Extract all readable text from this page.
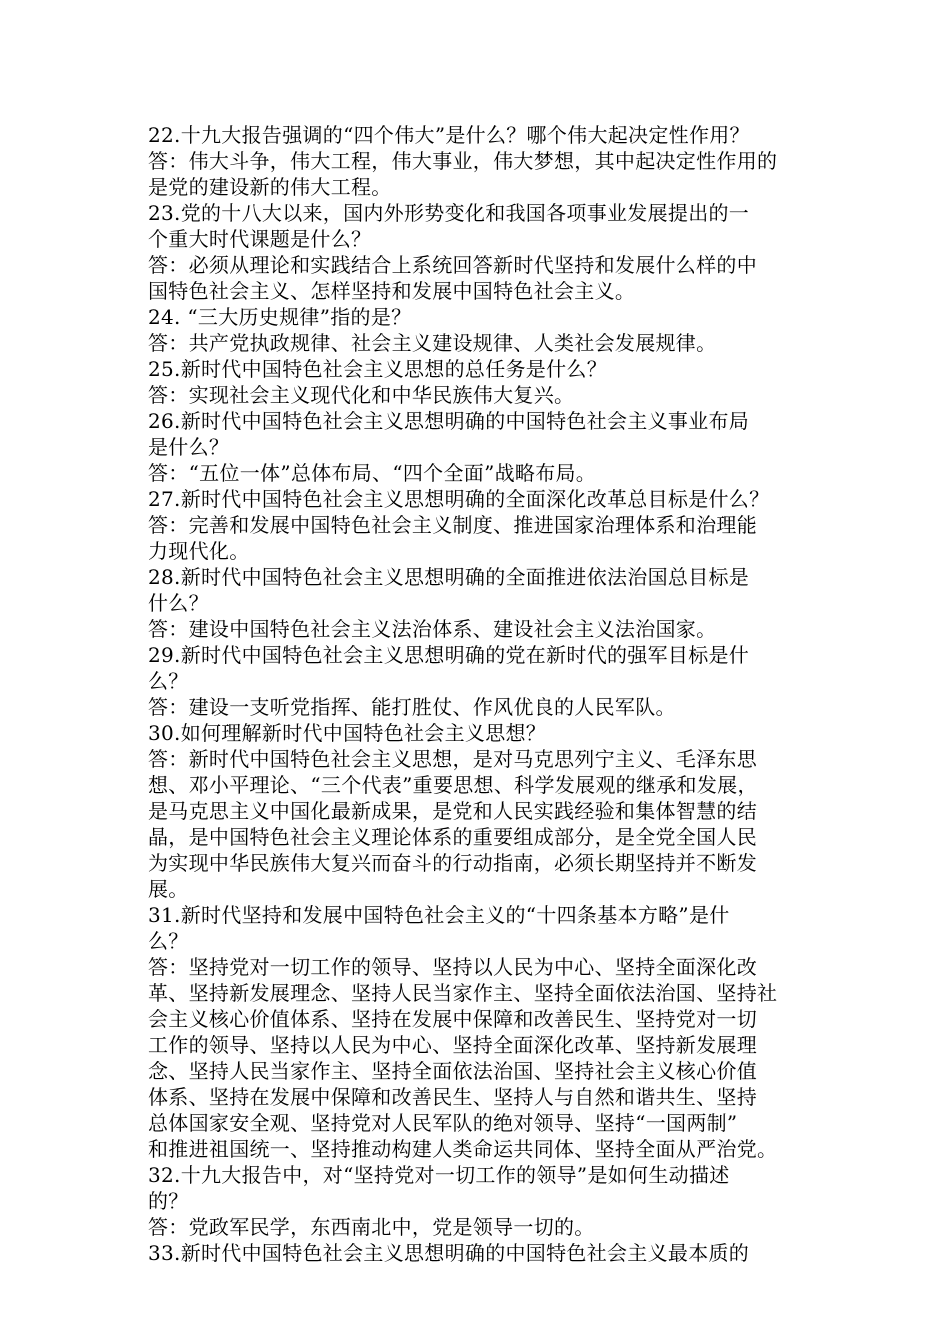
22.十九大报告强调的“四个伟大”是什么？哪个伟大起决定性作用？
答：伟大斗争，伟大工程，伟大事业，伟大梦想，其中起决定性作用的
是党的建设新的伟大工程。
23.党的十八大以来，国内外形势变化和我国各项事业发展提出的一
个重大时代课题是什么？
答：必须从理论和实践结合上系统回答新时代坚持和发展什么样的中
国特色社会主义、怎样坚持和发展中国特色社会主义。
24. “三大历史规律”指的是？
答：共产党执政规律、社会主义建设规律、人类社会发展规律。
25.新时代中国特色社会主义思想的总任务是什么？
答：实现社会主义现代化和中华民族伟大复兴。
26.新时代中国特色社会主义思想明确的中国特色社会主义事业布局
是什么？
答：“五位一体”总体布局、“四个全面”战略布局。
27.新时代中国特色社会主义思想明确的全面深化改革总目标是什么？
答：完善和发展中国特色社会主义制度、推进国家治理体系和治理能
力现代化。
28.新时代中国特色社会主义思想明确的全面推进依法治国总目标是
什么？
答：建设中国特色社会主义法治体系、建设社会主义法治国家。
29.新时代中国特色社会主义思想明确的党在新时代的强军目标是什
么？
答：建设一支听党指挥、能打胜仗、作风优良的人民军队。
30.如何理解新时代中国特色社会主义思想？
答：新时代中国特色社会主义思想，是对马克思列宁主义、毛泽东思
想、邓小平理论、“三个代表”重要思想、科学发展观的继承和发展，
是马克思主义中国化最新成果，是党和人民实践经验和集体智慧的结
晶，是中国特色社会主义理论体系的重要组成部分，是全党全国人民
为实现中华民族伟大复兴而奋斗的行动指南，必须长期坚持并不断发
展。
31.新时代坚持和发展中国特色社会主义的“十四条基本方略”是什
么？
答：坚持党对一切工作的领导、坚持以人民为中心、坚持全面深化改
革、坚持新发展理念、坚持人民当家作主、坚持全面依法治国、坚持社
会主义核心价值体系、坚持在发展中保障和改善民生、坚持党对一切
工作的领导、坚持以人民为中心、坚持全面深化改革、坚持新发展理
念、坚持人民当家作主、坚持全面依法治国、坚持社会主义核心价值
体系、坚持在发展中保障和改善民生、坚持人与自然和谐共生、坚持
总体国家安全观、坚持党对人民军队的绝对领导、坚持“一国两制”
和推进祖国统一、坚持推动构建人类命运共同体、坚持全面从严治党。
32.十九大报告中，对“坚持党对一切工作的领导”是如何生动描述
的？
答：党政军民学，东西南北中，党是领导一切的。
33.新时代中国特色社会主义思想明确的中国特色社会主义最本质的
